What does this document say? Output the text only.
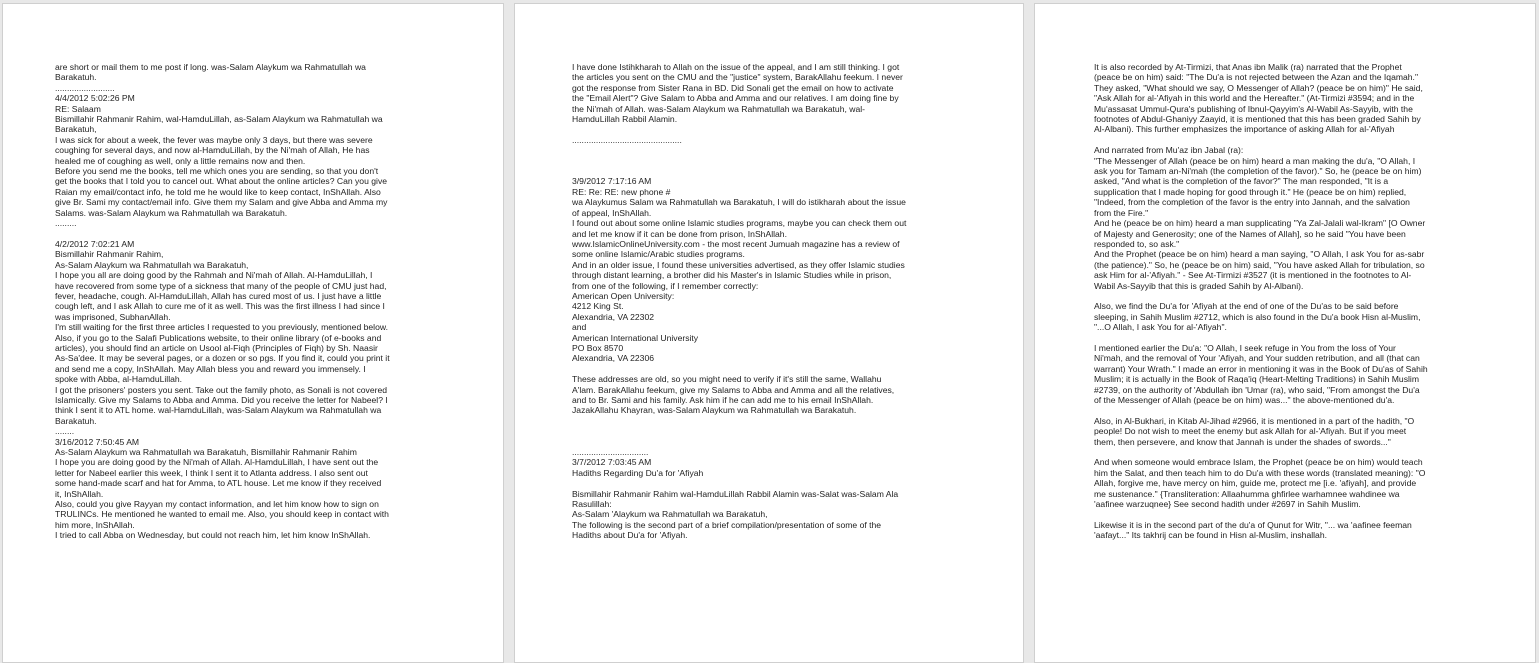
are short or mail them to me post if long. was-Salam Alaykum wa Rahmatullah wa
Barakatuh.
.........................
4/4/2012 5:02:26 PM
RE: Salaam
Bismillahir Rahmanir Rahim, wal-HamduLillah, as-Salam Alaykum wa Rahmatullah wa
Barakatuh,
I was sick for about a week, the fever was maybe only 3 days, but there was severe
coughing for several days, and now al-HamduLillah, by the Ni'mah of Allah, He has
healed me of coughing as well, only a little remains now and then.
Before you send me the books, tell me which ones you are sending, so that you don't
get the books that I told you to cancel out. What about the online articles? Can you give
Raian my email/contact info, he told me he would like to keep contact, InShAllah. Also
give Br. Sami my contact/email info. Give them my Salam and give Abba and Amma my
Salams. was-Salam Alaykum wa Rahmatullah wa Barakatuh.
.........

4/2/2012 7:02:21 AM
Bismillahir Rahmanir Rahim,
As-Salam Alaykum wa Rahmatullah wa Barakatuh,
I hope you all are doing good by the Rahmah and Ni'mah of Allah. Al-HamduLillah, I
have recovered from some type of a sickness that many of the people of CMU just had,
fever, headache, cough. Al-HamduLillah, Allah has cured most of us. I just have a little
cough left, and I ask Allah to cure me of it as well. This was the first illness I had since I
was imprisoned, SubhanAllah.
I'm still waiting for the first three articles I requested to you previously, mentioned below.
Also, if you go to the Salafi Publications website, to their online library (of e-books and
articles), you should find an article on Usool al-Fiqh (Principles of Fiqh) by Sh. Naasir
As-Sa'dee. It may be several pages, or a dozen or so pgs. If you find it, could you print it
and send me a copy, InShAllah. May Allah bless you and reward you immensely. I
spoke with Abba, al-HamduLillah.
I got the prisoners' posters you sent. Take out the family photo, as Sonali is not covered
Islamically. Give my Salams to Abba and Amma. Did you receive the letter for Nabeel? I
think I sent it to ATL home. wal-HamduLillah, was-Salam Alaykum wa Rahmatullah wa
Barakatuh.
........
3/16/2012 7:50:45 AM
As-Salam Alaykum wa Rahmatullah wa Barakatuh, Bismillahir Rahmanir Rahim
I hope you are doing good by the Ni'mah of Allah. Al-HamduLillah, I have sent out the
letter for Nabeel earlier this week, I think I sent it to Atlanta address. I also sent out
some hand-made scarf and hat for Amma, to ATL house. Let me know if they received
it, InShAllah.
Also, could you give Rayyan my contact information, and let him know how to sign on
TRULINCs. He mentioned he wanted to email me. Also, you should keep in contact with
him more, InShAllah.
I tried to call Abba on Wednesday, but could not reach him, let him know InShAllah.
I have done Istihkharah to Allah on the issue of the appeal, and I am still thinking. I got
the articles you sent on the CMU and the "justice" system, BarakAllahu feekum. I never
got the response from Sister Rana in BD. Did Sonali get the email on how to activate
the "Email Alert"? Give Salam to Abba and Amma and our relatives. I am doing fine by
the Ni'mah of Allah. was-Salam Alaykum wa Rahmatullah wa Barakatuh, wal-
HamduLillah Rabbil Alamin.

..............................................

3/9/2012 7:17:16 AM
RE: Re: RE: new phone #
wa Alaykumus Salam wa Rahmatullah wa Barakatuh, I will do istikharah about the issue
of appeal, InShAllah.
I found out about some online Islamic studies programs, maybe you can check them out
and let me know if it can be done from prison, InShAllah.
www.IslamicOnlineUniversity.com - the most recent Jumuah magazine has a review of
some online Islamic/Arabic studies programs.
And in an older issue, I found these universities advertised, as they offer Islamic studies
through distant learning, a brother did his Master's in Islamic Studies while in prison,
from one of the following, if I remember correctly:
American Open University:
4212 King St.
Alexandria, VA 22302
and
American International University
PO Box 8570
Alexandria, VA 22306

These addresses are old, so you might need to verify if it's still the same, Wallahu
A'lam. BarakAllahu feekum, give my Salams to Abba and Amma and all the relatives,
and to Br. Sami and his family. Ask him if he can add me to his email InShAllah.
JazakAllahu Khayran, was-Salam Alaykum wa Rahmatullah wa Barakatuh.

................................
3/7/2012 7:03:45 AM
Hadiths Regarding Du'a for 'Afiyah

Bismillahir Rahmanir Rahim wal-HamduLillah Rabbil Alamin was-Salat was-Salam Ala
Rasulillah:
As-Salam 'Alaykum wa Rahmatullah wa Barakatuh,
The following is the second part of a brief compilation/presentation of some of the
Hadiths about Du'a for 'Afiyah.
It is also recorded by At-Tirmizi, that Anas ibn Malik (ra) narrated that the Prophet
(peace be on him) said: "The Du'a is not rejected between the Azan and the Iqamah."
They asked, "What should we say, O Messenger of Allah? (peace be on him)" He said,
"Ask Allah for al-'Afiyah in this world and the Hereafter." (At-Tirmizi #3594; and in the
Mu'assasat Ummul-Qura's publishing of Ibnul-Qayyim's Al-Wabil As-Sayyib, with the
footnotes of Abdul-Ghaniyy Zaayid, it is mentioned that this has been graded Sahih by
Al-Albani). This further emphasizes the importance of asking Allah for al-'Afiyah

And narrated from Mu'az ibn Jabal (ra):
"The Messenger of Allah (peace be on him) heard a man making the du'a, "O Allah, I
ask you for Tamam an-Ni'mah (the completion of the favor)." So, he (peace be on him)
asked, "And what is the completion of the favor?" The man responded, "It is a
supplication that I made hoping for good through it." He (peace be on him) replied,
"Indeed, from the completion of the favor is the entry into Jannah, and the salvation
from the Fire."
And he (peace be on him) heard a man supplicating "Ya Zal-Jalali wal-Ikram" [O Owner
of Majesty and Generosity; one of the Names of Allah], so he said "You have been
responded to, so ask."
And the Prophet (peace be on him) heard a man saying, "O Allah, I ask You for as-sabr
(the patience)." So, he (peace be on him) said, "You have asked Allah for tribulation, so
ask Him for al-'Afiyah." - See At-Tirmizi #3527 (it is mentioned in the footnotes to Al-
Wabil As-Sayyib that this is graded Sahih by Al-Albani).

Also, we find the Du'a for 'Afiyah at the end of one of the Du'as to be said before
sleeping, in Sahih Muslim #2712, which is also found in the Du'a book Hisn al-Muslim,
"...O Allah, I ask You for al-'Afiyah".

I mentioned earlier the Du'a: "O Allah, I seek refuge in You from the loss of Your
Ni'mah, and the removal of Your 'Afiyah, and Your sudden retribution, and all (that can
warrant) Your Wrath." I made an error in mentioning it was in the Book of Du'as of Sahih
Muslim; it is actually in the Book of Raqa'iq (Heart-Melting Traditions) in Sahih Muslim
#2739, on the authority of 'Abdullah ibn 'Umar (ra), who said, "From amongst the Du'a
of the Messenger of Allah (peace be on him) was..." the above-mentioned du'a.

Also, in Al-Bukhari, in Kitab Al-Jihad #2966, it is mentioned in a part of the hadith, "O
people! Do not wish to meet the enemy but ask Allah for al-'Afiyah. But if you meet
them, then persevere, and know that Jannah is under the shades of swords..."

And when someone would embrace Islam, the Prophet (peace be on him) would teach
him the Salat, and then teach him to do Du'a with these words (translated meaning): "O
Allah, forgive me, have mercy on him, guide me, protect me [i.e. 'afiyah], and provide
me sustenance." {Transliteration: Allaahumma ghfirlee warhamnee wahdinee wa
'aafinee warzuqnee} See second hadith under #2697 in Sahih Muslim.

Likewise it is in the second part of the du'a of Qunut for Witr, "... wa 'aafinee feeman
'aafayt..." Its takhrij can be found in Hisn al-Muslim, inshallah.
